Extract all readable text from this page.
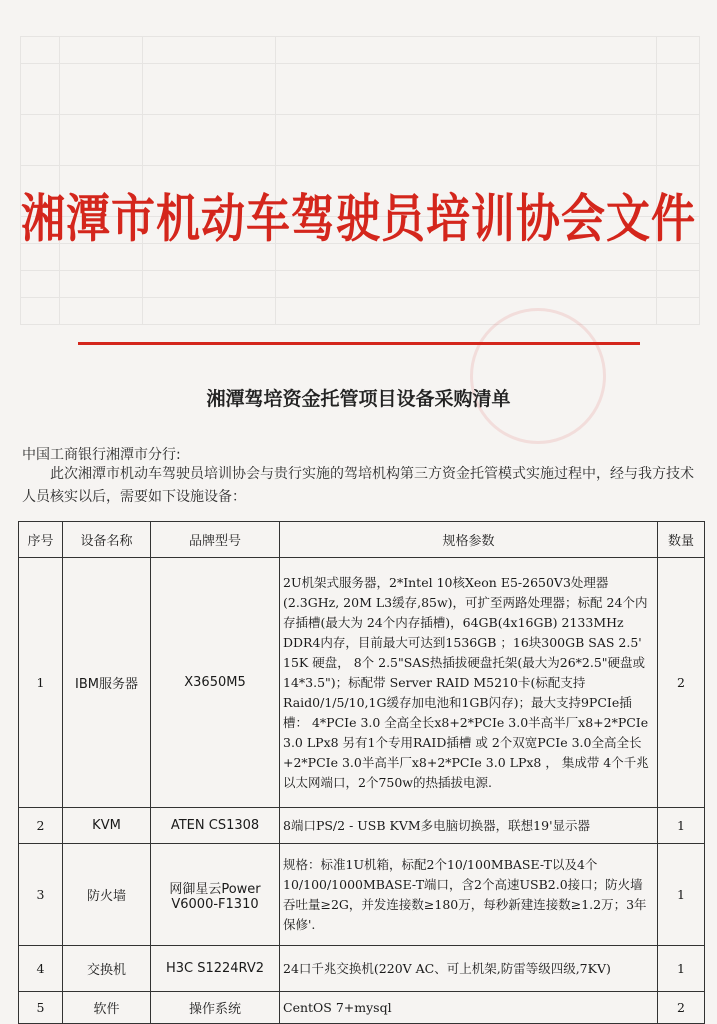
湘潭市机动车驾驶员培训协会文件
湘潭驾培资金托管项目设备采购清单
中国工商银行湘潭市分行:

此次湘潭市机动车驾驶员培训协会与贵行实施的驾培机构第三方资金托管模式实施过程中，经与我方技术人员核实以后，需要如下设施设备：

序号	设备名称	品牌型号	规格参数	数量
1	IBM服务器	X3650M5	2U机架式服务器，2*Intel 10核Xeon E5-2650V3处理器(2.3GHz, 20M L3缓存,85w)，可扩至两路处理器；标配 24个内存插槽(最大为 24个内存插槽)，64GB(4x16GB) 2133MHz DDR4内存，目前最大可达到1536GB ；16块300GB SAS 2.5' 15K 硬盘， 8个 2.5"SAS热插拔硬盘托架(最大为26*2.5"硬盘或 14*3.5")；标配带 Server RAID M5210卡(标配支持Raid0/1/5/10,1G缓存加电池和1GB闪存)；最大支持9PCIe插槽： 4*PCIe 3.0 全高全长x8+2*PCIe 3.0半高半厂x8+2*PCIe 3.0 LPx8 另有1个专用RAID插槽 或 2个双宽PCIe 3.0全高全长+2*PCIe 3.0半高半厂x8+2*PCIe 3.0 LPx8 ， 集成带 4个千兆以太网端口，2个750w的热插拔电源.	2
2	KVM	ATEN CS1308	8端口PS/2 - USB KVM多电脑切换器，联想19'显示器	1
3	防火墙	网御星云Power V6000-F1310	规格：标准1U机箱，标配2个10/100MBASE-T以及4个10/100/1000MBASE-T端口，含2个高速USB2.0接口；防火墙吞吐量≥2G，并发连接数≥180万，每秒新建连接数≥1.2万；3年保修'.	1
4	交换机	H3C S1224RV2	24口千兆交换机(220V AC、可上机架,防雷等级四级,7KV)	1
5	软件	操作系统	CentOS 7+mysql	2
